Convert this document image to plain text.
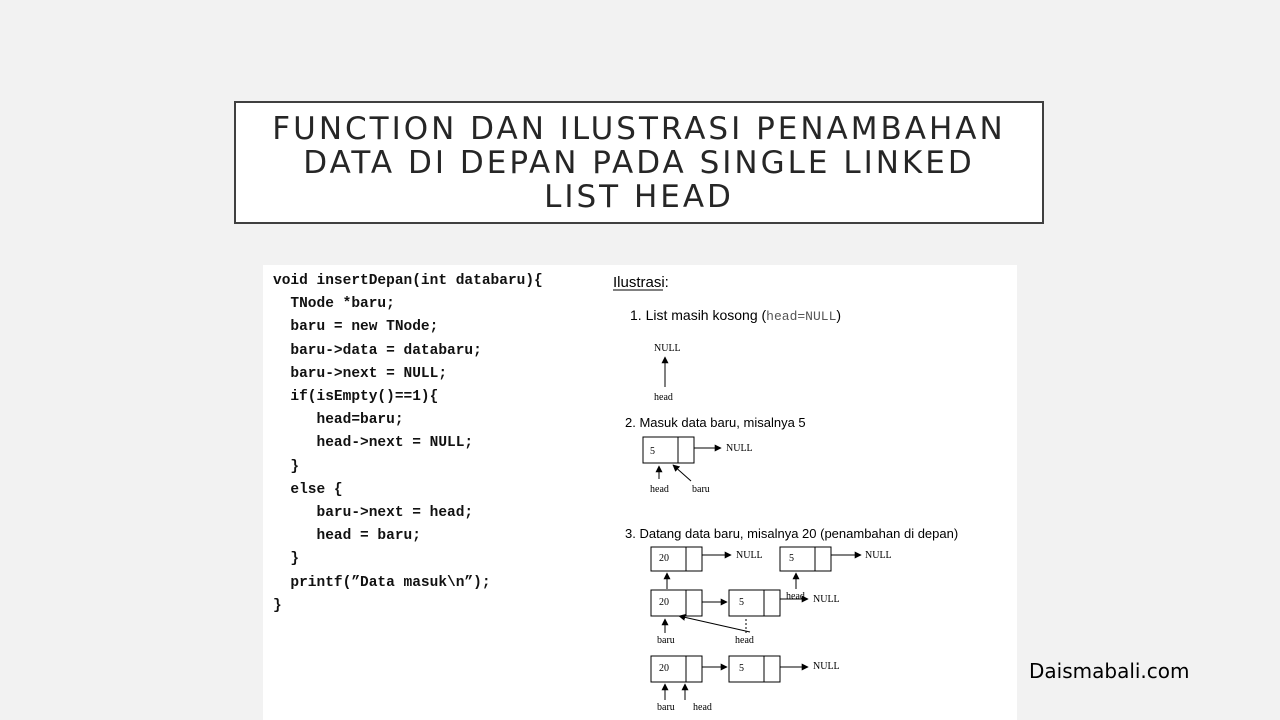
FUNCTION DAN ILUSTRASI PENAMBAHAN DATA DI DEPAN PADA SINGLE LINKED LIST HEAD
void insertDepan(int databaru){
TNode *baru;
baru = new TNode;
baru->data = databaru;
baru->next = NULL;
if(isEmpty()==1){
head=baru;
head->next = NULL;
}
else {
baru->next = head;
head = baru;
}
printf(”Data masuk\n”);
}
Ilustrasi:
1. List masih kosong (head=NULL)
2. Masuk data baru, misalnya 5
3. Datang data baru, misalnya 20 (penambahan di depan)
NULL
head
5	NULL
head baru
20	NULL	5	NULL
20	5
head NULL
baru	head
20	5	NULL
baru head
Daismabali.com
